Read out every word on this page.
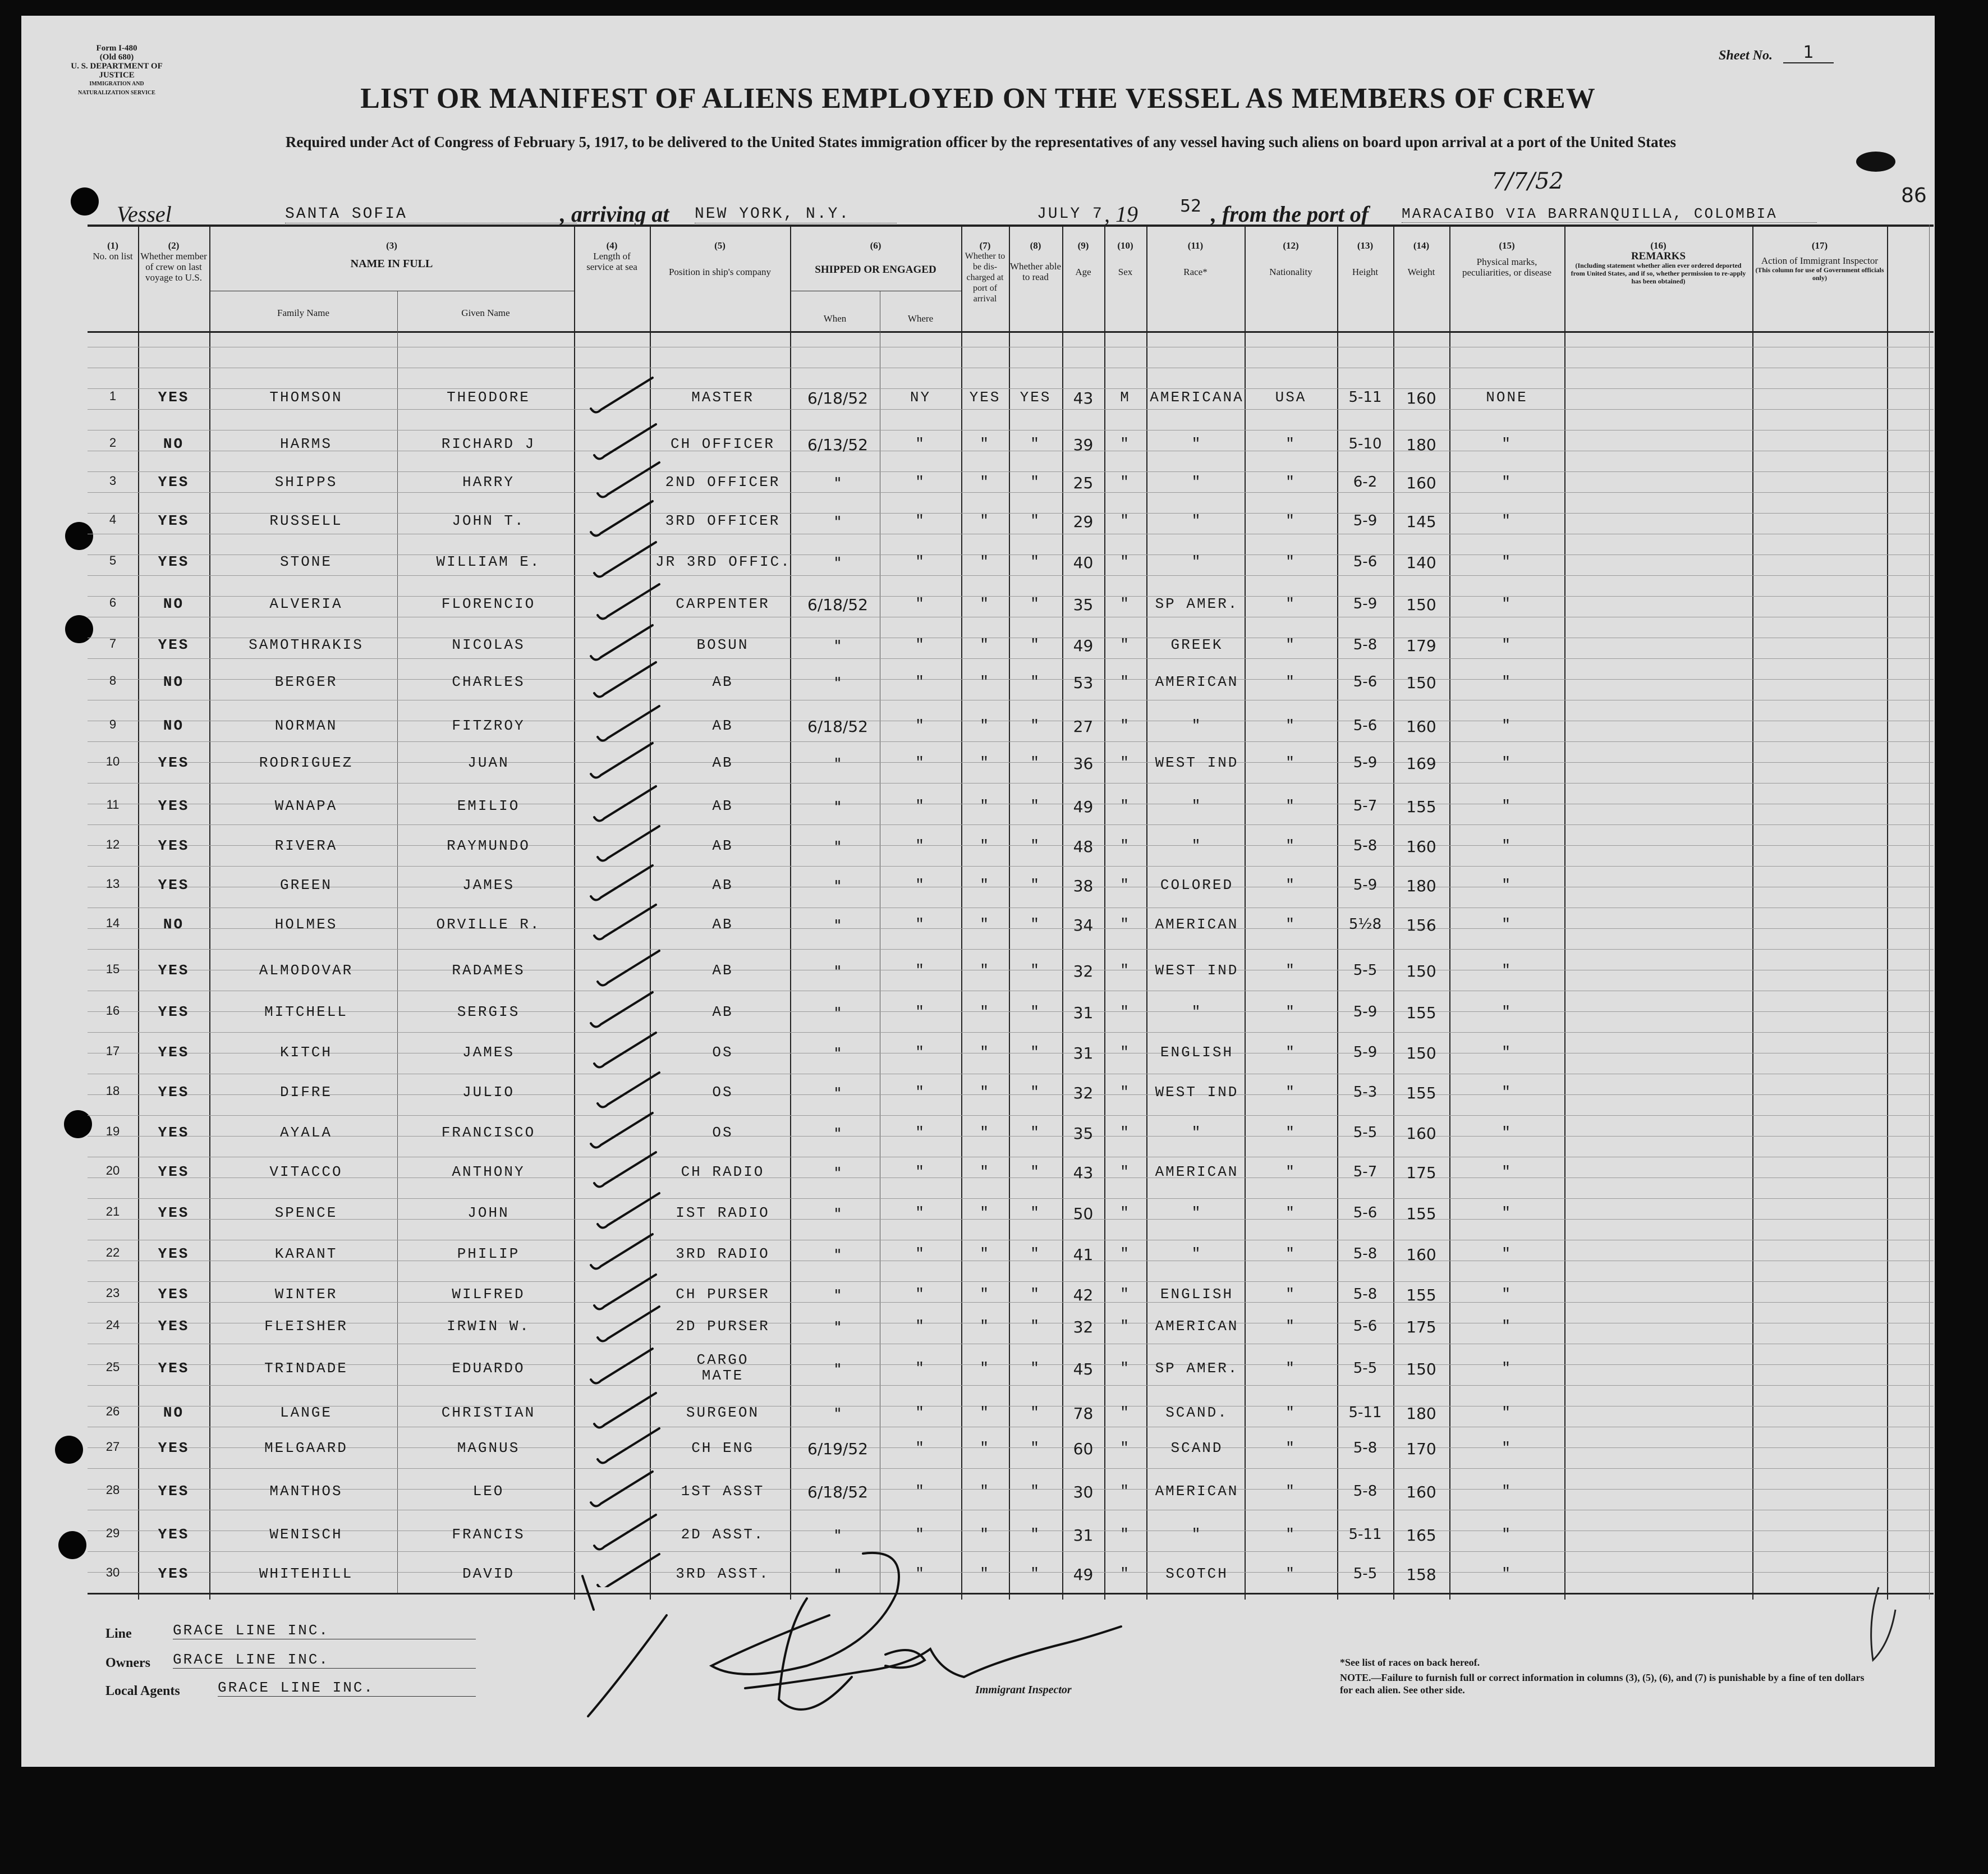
Form I-480
(Old 680)
U. S. DEPARTMENT OF JUSTICE
IMMIGRATION AND NATURALIZATION SERVICE
Sheet No.	1
LIST OR MANIFEST OF ALIENS EMPLOYED ON THE VESSEL AS MEMBERS OF CREW
Required under Act of Congress of February 5, 1917, to be delivered to the United States immigration officer by the representatives of any vessel having such aliens on board upon arrival at a port of the United States
86
Vessel	SANTA SOFIA	, arriving at NEW YORK, N.Y.	JULY 7 , 19	52 , from the port of MARACAIBO VIA BARRANQUILLA, COLOMBIA
7/7/52
(1)
No. on list
(2)
Whether member of crew on last voyage to U.S.
(3)
NAME IN FULL
Family Name	Given Name
(4)
Length of service at sea
(5)
Position in ship's company
(6)
SHIPPED OR ENGAGED
When	Where
(7)
Whether to be dis-charged at port of arrival
(8)
Whether able to read
(9)
Age
(10)
Sex
(11)
Race*
(12)
Nationality
(13)
Height
(14)
Weight
(15)
Physical marks, peculiarities, or disease
(16)
REMARKS
(Including statement whether alien ever ordered deported from United States, and if so, whether permission to re-apply has been obtained)
(17)
Action of Immigrant Inspector
(This column for use of Government officials only)
1	YES	THOMSON	THEODORE	MASTER	6/18/52	NY	YES	YES	43	M	AMERICANA	USA	5-11	160	NONE
2	NO	HARMS	RICHARD J	CH OFFICER	6/13/52	"	"	"	39	"	"	"	5-10	180	"
3	YES	SHIPPS	HARRY	2ND OFFICER	"	"	"	"	25	"	"	"	6-2	160	"
4	YES	RUSSELL	JOHN T.	3RD OFFICER	"	"	"	"	29	"	"	"	5-9	145	"
5	YES	STONE	WILLIAM E.	JR 3RD OFFIC.	"	"	"	"	40	"	"	"	5-6	140	"
6	NO	ALVERIA	FLORENCIO	CARPENTER	6/18/52	"	"	"	35	"	SP AMER.	"	5-9	150	"
7	YES	SAMOTHRAKIS	NICOLAS	BOSUN	"	"	"	"	49	"	GREEK	"	5-8	179	"
8	NO	BERGER	CHARLES	AB	"	"	"	"	53	"	AMERICAN	"	5-6	150	"
9	NO	NORMAN	FITZROY	AB	6/18/52	"	"	"	27	"	"	"	5-6	160	"
10	YES	RODRIGUEZ	JUAN	AB	"	"	"	"	36	"	WEST IND	"	5-9	169	"
11	YES	WANAPA	EMILIO	AB	"	"	"	"	49	"	"	"	5-7	155	"
12	YES	RIVERA	RAYMUNDO	AB	"	"	"	"	48	"	"	"	5-8	160	"
13	YES	GREEN	JAMES	AB	"	"	"	"	38	"	COLORED	"	5-9	180	"
14	NO	HOLMES	ORVILLE R.	AB	"	"	"	"	34	"	AMERICAN	"	5½8	156	"
15	YES	ALMODOVAR	RADAMES	AB	"	"	"	"	32	"	WEST IND	"	5-5	150	"
16	YES	MITCHELL	SERGIS	AB	"	"	"	"	31	"	"	"	5-9	155	"
17	YES	KITCH	JAMES	OS	"	"	"	"	31	"	ENGLISH	"	5-9	150	"
18	YES	DIFRE	JULIO	OS	"	"	"	"	32	"	WEST IND	"	5-3	155	"
19	YES	AYALA	FRANCISCO	OS	"	"	"	"	35	"	"	"	5-5	160	"
20	YES	VITACCO	ANTHONY	CH RADIO	"	"	"	"	43	"	AMERICAN	"	5-7	175	"
21	YES	SPENCE	JOHN	IST RADIO	"	"	"	"	50	"	"	"	5-6	155	"
22	YES	KARANT	PHILIP	3RD RADIO	"	"	"	"	41	"	"	"	5-8	160	"
23	YES	WINTER	WILFRED	CH PURSER	"	"	"	"	42	"	ENGLISH	"	5-8	155	"
24	YES	FLEISHER	IRWIN W.	2D PURSER	"	"	"	"	32	"	AMERICAN	"	5-6	175	"
25	YES	TRINDADE	EDUARDO	CARGO MATE	"	"	"	"	45	"	SP AMER.	"	5-5	150	"
26	NO	LANGE	CHRISTIAN	SURGEON	"	"	"	"	78	"	SCAND.	"	5-11	180	"
27	YES	MELGAARD	MAGNUS	CH ENG	6/19/52	"	"	"	60	"	SCAND	"	5-8	170	"
28	YES	MANTHOS	LEO	1ST ASST	6/18/52	"	"	"	30	"	AMERICAN	"	5-8	160	"
29	YES	WENISCH	FRANCIS	2D ASST.	"	"	"	"	31	"	"	"	5-11	165	"
30	YES	WHITEHILL	DAVID	3RD ASST.	"	"	"	"	49	"	SCOTCH	"	5-5	158	"
Line	GRACE LINE INC.
Owners GRACE LINE INC.
Local Agents	GRACE LINE INC.	Immigrant Inspector
*See list of races on back hereof.
NOTE.—Failure to furnish full or correct information in columns (3), (5), (6), and (7) is punishable by a fine of ten dollars for each alien. See other side.
